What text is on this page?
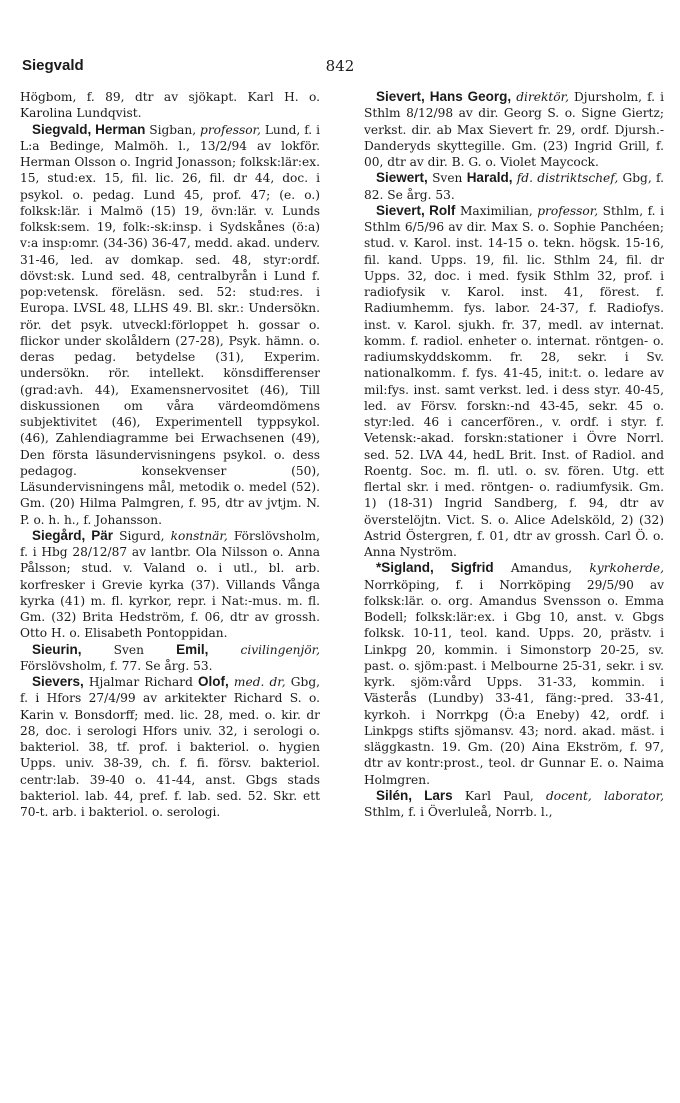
Siegvald	842

Högbom, f. 89, dtr av sjökapt. Karl H. o. Karolina Lundqvist.

Siegvald, Herman Sigban, professor, Lund, f. i L:a Bedinge, Malmöh. l., 13/2/94 av lokför. Herman Olsson o. Ingrid Jonasson; folksk:lär:ex. 15, stud:ex. 15, fil. lic. 26, fil. dr 44, doc. i psykol. o. pedag. Lund 45, prof. 47; (e. o.) folksk:lär. i Malmö (15) 19, övn:lär. v. Lunds folksk:sem. 19, folk:-sk:insp. i Sydskånes (ö:a) v:a insp:omr. (34-36) 36-47, medd. akad. underv. 31-46, led. av domkap. sed. 48, styr:ordf. dövst:sk. Lund sed. 48, centralbyrån i Lund f. pop:vetensk. föreläsn. sed. 52: stud:res. i Europa. LVSL 48, LLHS 49. Bl. skr.: Undersökn. rör. det psyk. utveckl:förloppet h. gossar o. flickor under skolåldern (27-28), Psyk. hämn. o. deras pedag. betydelse (31), Experim. undersökn. rör. intellekt. könsdifferenser (grad:avh. 44), Examensnervositet (46), Till diskussionen om våra värdeomdömens subjektivitet (46), Experimentell typpsykol. (46), Zahlendiagramme bei Erwachsenen (49), Den första läsundervisningens psykol. o. dess pedagog. konsekvenser (50), Läsundervisningens mål, metodik o. medel (52). Gm. (20) Hilma Palmgren, f. 95, dtr av jvtjm. N. P. o. h. h., f. Johansson.

Siegård, Pär Sigurd, konstnär, Förslövsholm, f. i Hbg 28/12/87 av lantbr. Ola Nilsson o. Anna Pålsson; stud. v. Valand o. i utl., bl. arb. korfresker i Grevie kyrka (37). Villands Vånga kyrka (41) m. fl. kyrkor, repr. i Nat:-mus. m. fl. Gm. (32) Brita Hedström, f. 06, dtr av grossh. Otto H. o. Elisabeth Pontoppidan.

Sieurin, Sven Emil, civilingenjör, Förslövsholm, f. 77. Se årg. 53.

Sievers, Hjalmar Richard Olof, med. dr, Gbg, f. i Hfors 27/4/99 av arkitekter Richard S. o. Karin v. Bonsdorff; med. lic. 28, med. o. kir. dr 28, doc. i serologi Hfors univ. 32, i serologi o. bakteriol. 38, tf. prof. i bakteriol. o. hygien Upps. univ. 38-39, ch. f. fi. försv. bakteriol. centr:lab. 39-40 o. 41-44, anst. Gbgs stads bakteriol. lab. 44, pref. f. lab. sed. 52. Skr. ett 70-t. arb. i bakteriol. o. serologi.

Sievert, Hans Georg, direktör, Djursholm, f. i Sthlm 8/12/98 av dir. Georg S. o. Signe Giertz; verkst. dir. ab Max Sievert fr. 29, ordf. Djursh.-Danderyds skyttegille. Gm. (23) Ingrid Grill, f. 00, dtr av dir. B. G. o. Violet Maycock.

Siewert, Sven Harald, fd. distriktschef, Gbg, f. 82. Se årg. 53.

Sievert, Rolf Maximilian, professor, Sthlm, f. i Sthlm 6/5/96 av dir. Max S. o. Sophie Panchéen; stud. v. Karol. inst. 14-15 o. tekn. högsk. 15-16, fil. kand. Upps. 19, fil. lic. Sthlm 24, fil. dr Upps. 32, doc. i med. fysik Sthlm 32, prof. i radiofysik v. Karol. inst. 41, förest. f. Radiumhemm. fys. labor. 24-37, f. Radiofys. inst. v. Karol. sjukh. fr. 37, medl. av internat. komm. f. radiol. enheter o. internat. röntgen- o. radiumskyddskomm. fr. 28, sekr. i Sv. nationalkomm. f. fys. 41-45, init:t. o. ledare av mil:fys. inst. samt verkst. led. i dess styr. 40-45, led. av Försv. forskn:-nd 43-45, sekr. 45 o. styr:led. 46 i cancerfören., v. ordf. i styr. f. Vetensk:-akad. forskn:stationer i Övre Norrl. sed. 52. LVA 44, hedL Brit. Inst. of Radiol. and Roentg. Soc. m. fl. utl. o. sv. fören. Utg. ett flertal skr. i med. röntgen- o. radiumfysik. Gm. 1) (18-31) Ingrid Sandberg, f. 94, dtr av överstelöjtn. Vict. S. o. Alice Adelsköld, 2) (32) Astrid Östergren, f. 01, dtr av grossh. Carl Ö. o. Anna Nyström.

*Sigland, Sigfrid Amandus, kyrkoherde, Norrköping, f. i Norrköping 29/5/90 av folksk:lär. o. org. Amandus Svensson o. Emma Bodell; folksk:lär:ex. i Gbg 10, anst. v. Gbgs folksk. 10-11, teol. kand. Upps. 20, prästv. i Linkpg 20, kommin. i Simonstorp 20-25, sv. past. o. sjöm:past. i Melbourne 25-31, sekr. i sv. kyrk. sjöm:vård Upps. 31-33, kommin. i Västerås (Lundby) 33-41, fäng:-pred. 33-41, kyrkoh. i Norrkpg (Ö:a Eneby) 42, ordf. i Linkpgs stifts sjömansv. 43; nord. akad. mäst. i släggkastn. 19. Gm. (20) Aina Ekström, f. 97, dtr av kontr:prost., teol. dr Gunnar E. o. Naima Holmgren.

Silén, Lars Karl Paul, docent, laborator, Sthlm, f. i Överluleå, Norrb. l.,
